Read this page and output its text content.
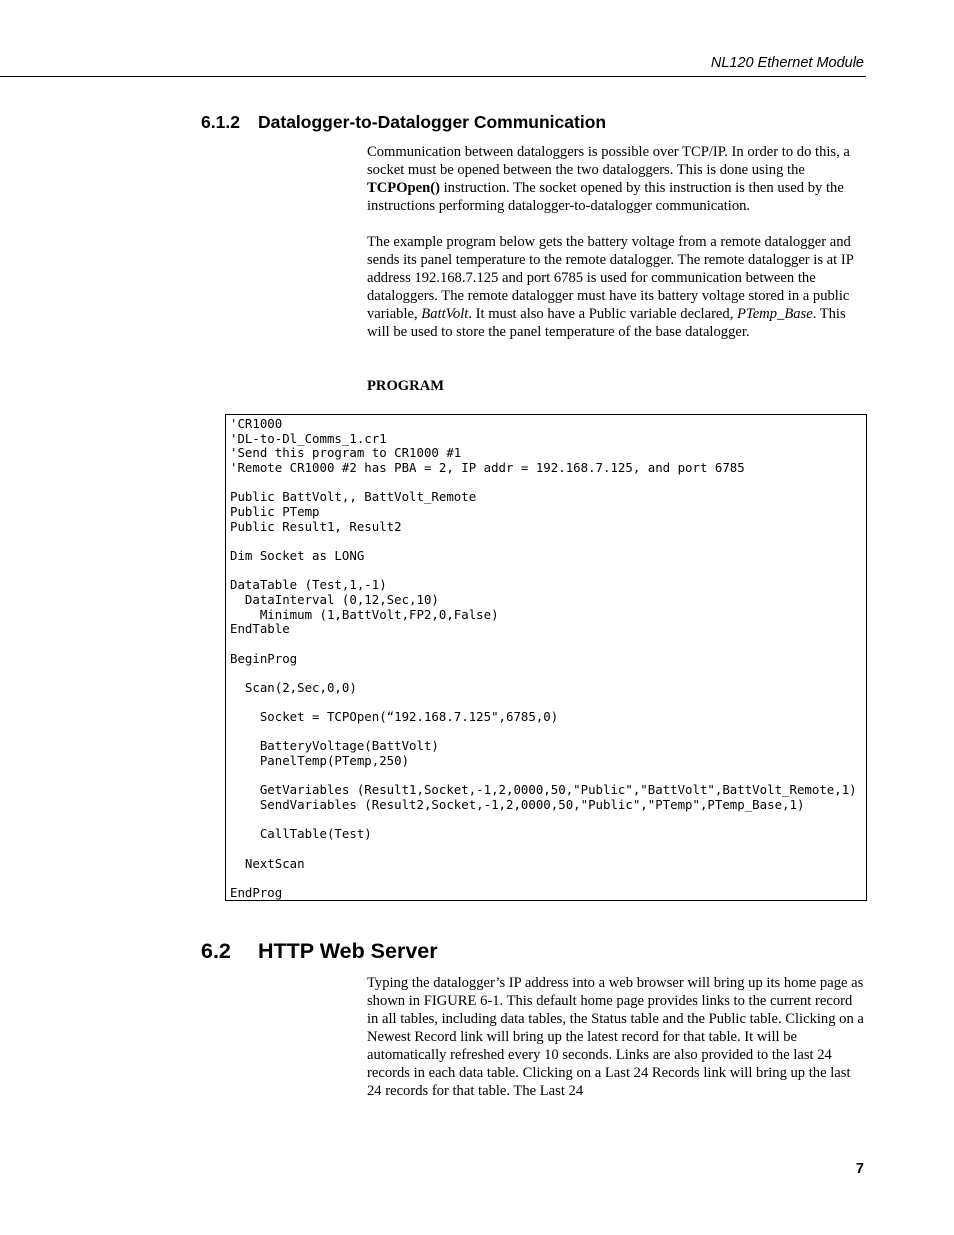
NL120 Ethernet Module
6.1.2 Datalogger-to-Datalogger Communication

Communication between dataloggers is possible over TCP/IP. In order to do this, a socket must be opened between the two dataloggers. This is done using the TCPOpen() instruction. The socket opened by this instruction is then used by the instructions performing datalogger-to-datalogger communication.

The example program below gets the battery voltage from a remote datalogger and sends its panel temperature to the remote datalogger. The remote datalogger is at IP address 192.168.7.125 and port 6785 is used for communication between the dataloggers. The remote datalogger must have its battery voltage stored in a public variable, BattVolt. It must also have a Public variable declared, PTemp_Base. This will be used to store the panel temperature of the base datalogger.

PROGRAM
'CR1000
'DL-to-Dl_Comms_1.cr1
'Send this program to CR1000 #1
'Remote CR1000 #2 has PBA = 2, IP addr = 192.168.7.125, and port 6785

Public BattVolt,, BattVolt_Remote
Public PTemp
Public Result1, Result2

Dim Socket as LONG

DataTable (Test,1,-1)
DataInterval (0,12,Sec,10)
Minimum (1,BattVolt,FP2,0,False)
EndTable

BeginProg

Scan(2,Sec,0,0)

Socket = TCPOpen(“192.168.7.125",6785,0)

BatteryVoltage(BattVolt)
PanelTemp(PTemp,250)

GetVariables (Result1,Socket,-1,2,0000,50,"Public","BattVolt",BattVolt_Remote,1)
SendVariables (Result2,Socket,-1,2,0000,50,"Public","PTemp",PTemp_Base,1)

CallTable(Test)

NextScan

EndProg
6.2 HTTP Web Server

Typing the datalogger’s IP address into a web browser will bring up its home page as shown in FIGURE 6-1. This default home page provides links to the current record in all tables, including data tables, the Status table and the Public table. Clicking on a Newest Record link will bring up the latest record for that table. It will be automatically refreshed every 10 seconds. Links are also provided to the last 24 records in each data table. Clicking on a Last 24 Records link will bring up the last 24 records for that table. The Last 24

7
